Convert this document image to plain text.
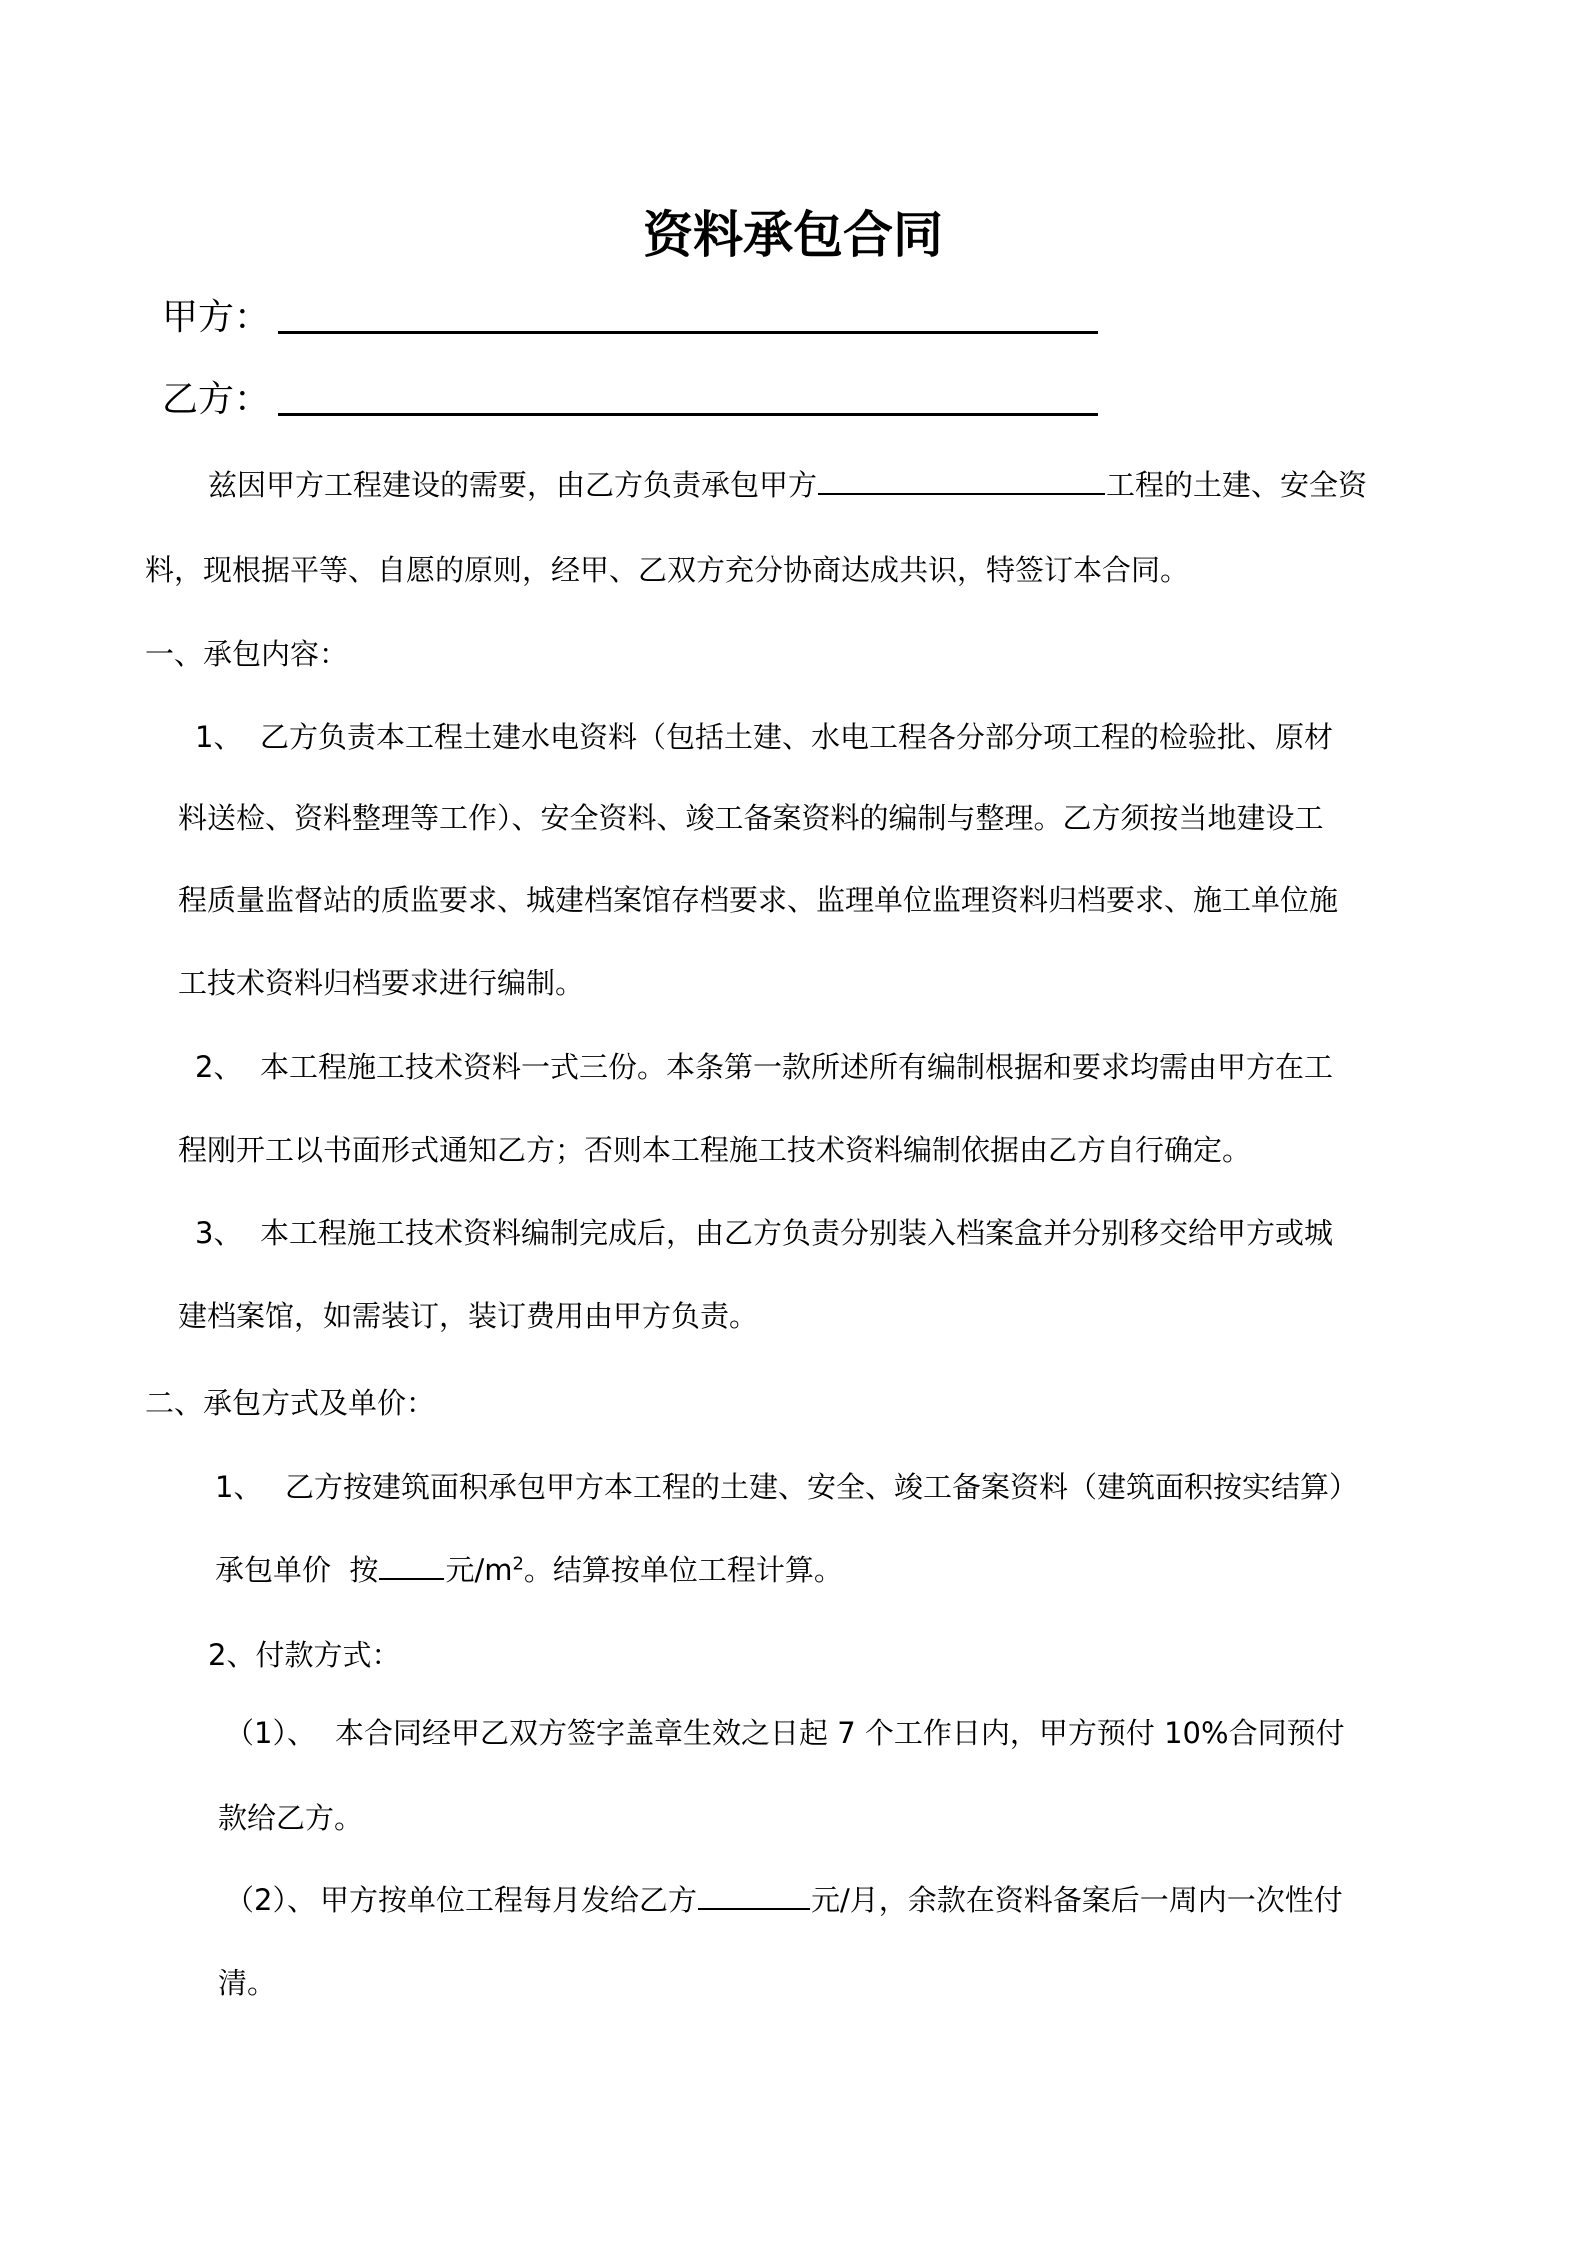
资料承包合同
甲方：
乙方：
兹因甲方工程建设的需要，由乙方负责承包甲方	工程的土建、安全资
料，现根据平等、自愿的原则，经甲、乙双方充分协商达成共识，特签订本合同。
一、承包内容：
1、 乙方负责本工程土建水电资料（包括土建、水电工程各分部分项工程的检验批、原材
料送检、资料整理等工作）、安全资料、竣工备案资料的编制与整理。乙方须按当地建设工
程质量监督站的质监要求、城建档案馆存档要求、监理单位监理资料归档要求、施工单位施
工技术资料归档要求进行编制。
2、 本工程施工技术资料一式三份。本条第一款所述所有编制根据和要求均需由甲方在工
程刚开工以书面形式通知乙方；否则本工程施工技术资料编制依据由乙方自行确定。
3、 本工程施工技术资料编制完成后，由乙方负责分别装入档案盒并分别移交给甲方或城
建档案馆，如需装订，装订费用由甲方负责。
二、承包方式及单价：
1、 乙方按建筑面积承包甲方本工程的土建、安全、竣工备案资料（建筑面积按实结算）
承包单价  按 元$/m^2$。结算按单位工程计算。
2、付款方式：
（1）、 本合同经甲乙双方签字盖章生效之日起 7 个工作日内，甲方预付 10%合同预付
款给乙方。
（2）、 甲方按单位工程每月发给乙方	元/月，余款在资料备案后一周内一次性付
清。
